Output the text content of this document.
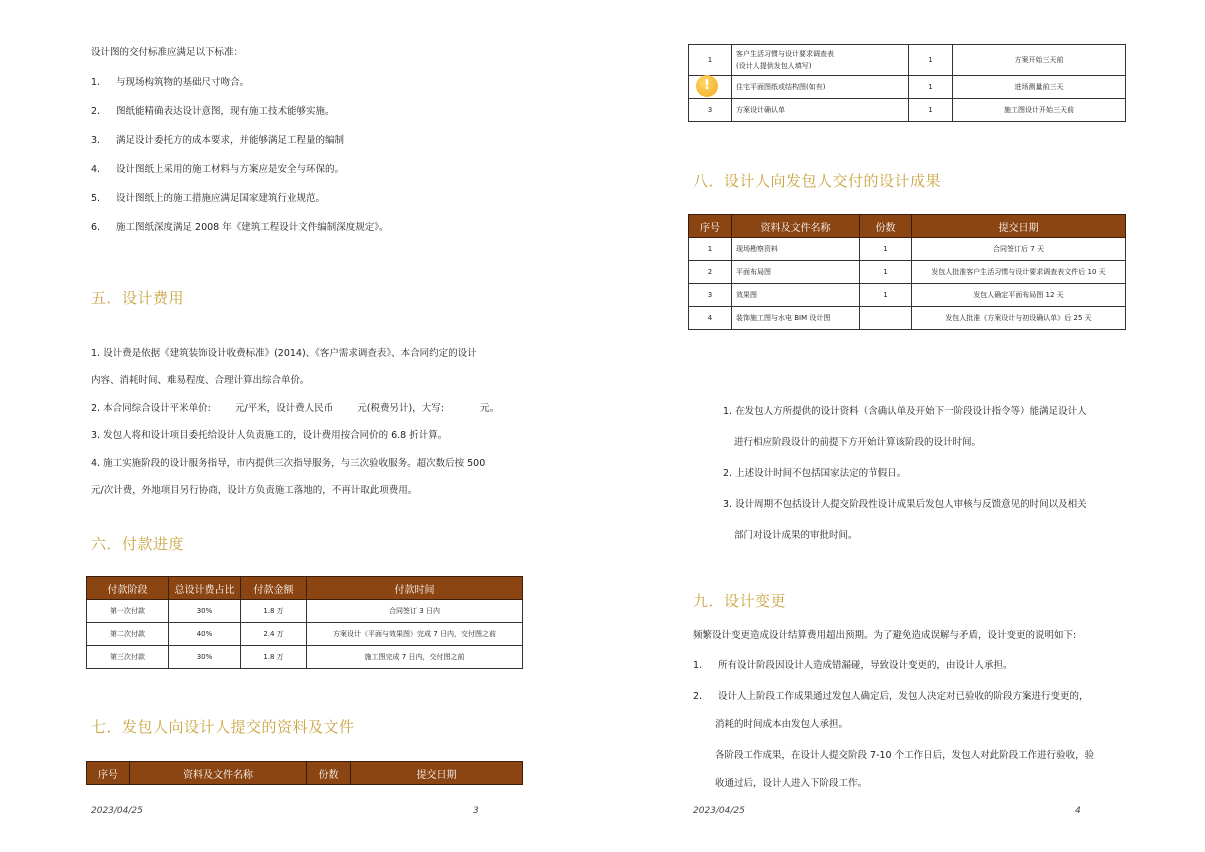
设计图的交付标准应满足以下标准：
1. 与现场构筑物的基础尺寸吻合。
2. 图纸能精确表达设计意图，现有施工技术能够实施。
3. 满足设计委托方的成本要求，并能够满足工程量的编制
4. 设计图纸上采用的施工材料与方案应是安全与环保的。
5. 设计图纸上的施工措施应满足国家建筑行业规范。
6. 施工图纸深度满足 2008 年《建筑工程设计文件编制深度规定》。
五．设计费用
1. 设计费是依据《建筑装饰设计收费标准》(2014)、《客户需求调查表》、本合同约定的设计
内容、消耗时间、难易程度、合理计算出综合单价。
2. 本合同综合设计平米单价:        元/平米，设计费人民币        元(税费另计)，大写:            元。
3. 发包人将和设计项目委托给设计人负责施工的，设计费用按合同价的 6.8 折计算。
4. 施工实施阶段的设计服务指导，市内提供三次指导服务，与三次验收服务。超次数后按 500
元/次计费，外地项目另行协商，设计方负责施工落地的，不再计取此项费用。
六．付款进度
付款阶段	总设计费占比	付款金额	付款时间
第一次付款	30%	1.8 万	合同签订 3 日内
第二次付款	40%	2.4 万	方案设计（平面与效果图）完成 7 日内，交付图之前
第三次付款	30%	1.8 万	施工图完成 7 日内，交付图之前
七．发包人向设计人提交的资料及文件
序号	资料及文件名称	份数	提交日期
2023/04/25	3
1	客户生活习惯与设计要求调查表
(设计人提供发包人填写)	1	方案开始三天前
	住宅平面图纸或结构图(如有)	1	进场测量前三天
3	方案设计确认单	1	施工图设计开始三天前
!
八．设计人向发包人交付的设计成果
序号	资料及文件名称	份数	提交日期
1	现场勘察资料	1	合同签订后 7 天
2	平面布局图	1	发包人批准客户生活习惯与设计要求调查表文件后 10 天
3	效果图	1	发包人确定平面布局图 12 天
4	装饰施工图与水电 BIM 设计图		发包人批准《方案设计与初设确认单》后 25 天
1. 在发包人方所提供的设计资料（含确认单及开始下一阶段设计指令等）能满足设计人
进行相应阶段设计的前提下方开始计算该阶段的设计时间。
2. 上述设计时间不包括国家法定的节假日。
3. 设计周期不包括设计人提交阶段性设计成果后发包人审核与反馈意见的时间以及相关
部门对设计成果的审批时间。
九．设计变更
频繁设计变更造成设计结算费用超出预期。为了避免造成误解与矛盾，设计变更的说明如下:
1. 所有设计阶段因设计人造成错漏碰，导致设计变更的，由设计人承担。
2. 设计人上阶段工作成果通过发包人确定后，发包人决定对已验收的阶段方案进行变更的，
消耗的时间成本由发包人承担。
各阶段工作成果，在设计人提交阶段 7-10 个工作日后，发包人对此阶段工作进行验收，验
收通过后，设计人进入下阶段工作。
2023/04/25	4
